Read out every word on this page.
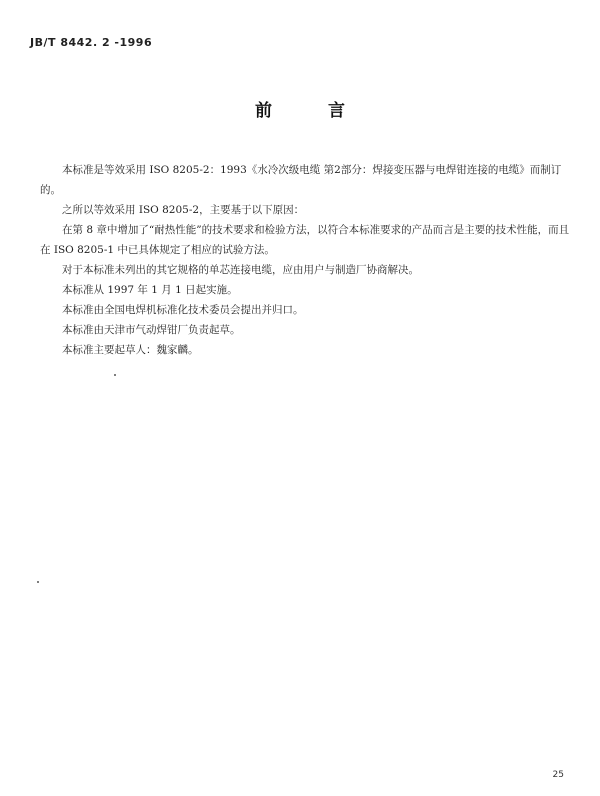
JB/T 8442. 2 -1996
前言

本标准是等效采用 ISO 8205-2：1993《水冷次级电缆 第2部分：焊接变压器与电焊钳连接的电缆》而制订的。

之所以等效采用 ISO 8205-2，主要基于以下原因：

在第 8 章中增加了“耐热性能”的技术要求和检验方法，以符合本标准要求的产品而言是主要的技术性能，而且在 ISO 8205-1 中已具体规定了相应的试验方法。

对于本标准未列出的其它规格的单芯连接电缆，应由用户与制造厂协商解决。

本标准从 1997 年 1 月 1 日起实施。

本标准由全国电焊机标准化技术委员会提出并归口。

本标准由天津市气动焊钳厂负责起草。

本标准主要起草人：魏家麟。

25
